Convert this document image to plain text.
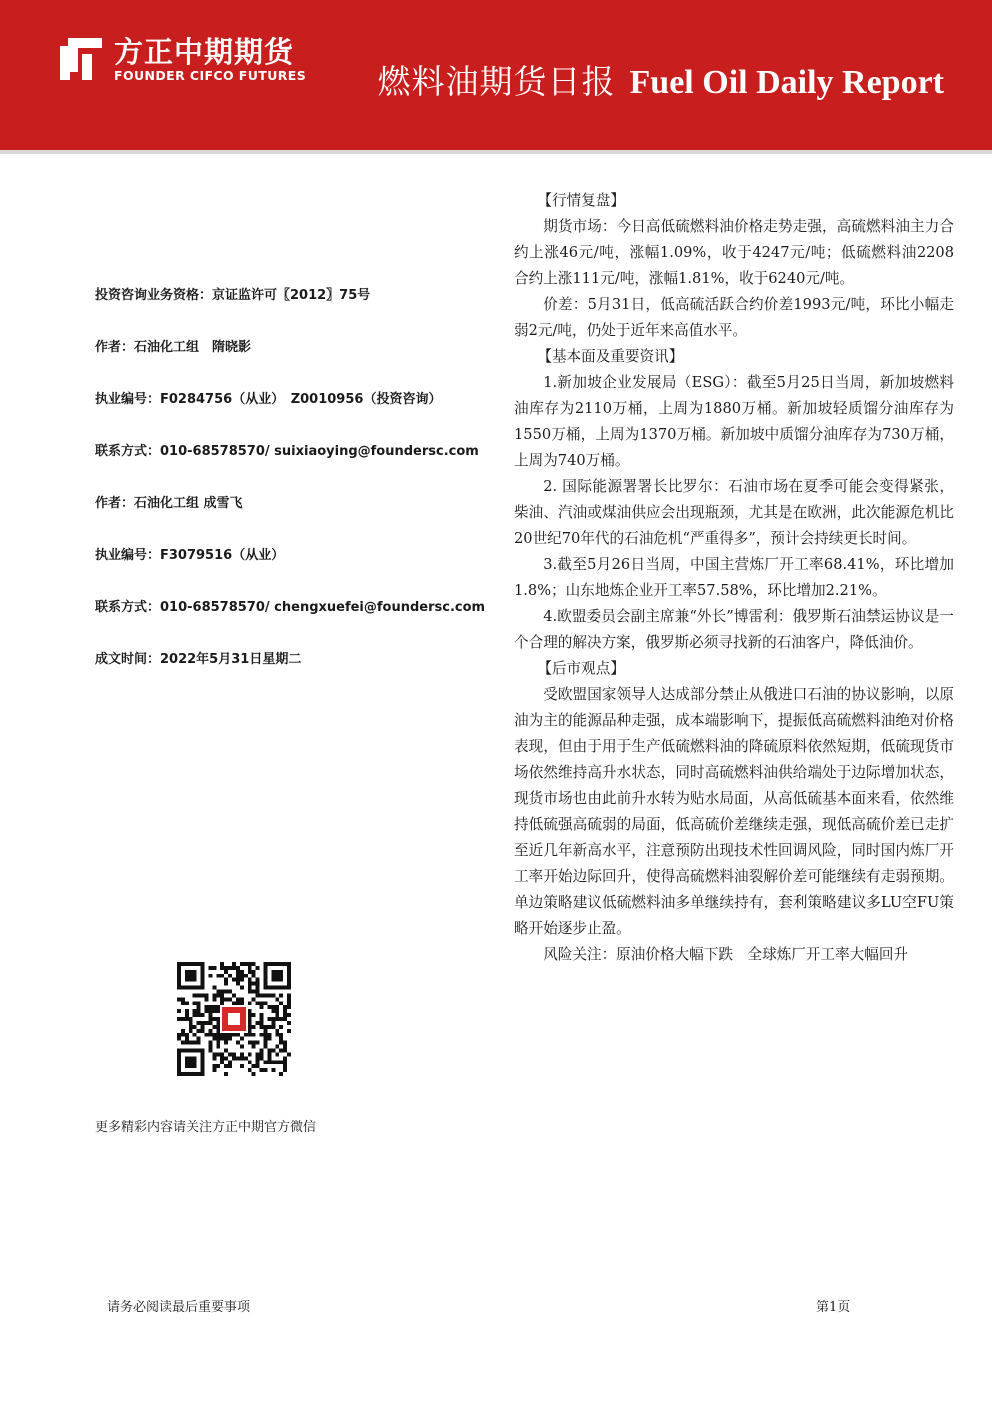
方正中期期货
FOUNDER CIFCO FUTURES 燃料油期货日报 Fuel Oil Daily Report
投资咨询业务资格：京证监许可〖2012〗75号
作者：石油化工组　隋晓影
执业编号：F0284756（从业）　Z0010956（投资咨询）
联系方式：010-68578570/ suixiaoying@foundersc.com
作者：石油化工组 成雪飞
执业编号：F3079516（从业）
联系方式：010-68578570/ chengxuefei@foundersc.com
成文时间：2022年5月31日星期二
更多精彩内容请关注方正中期官方微信
【行情复盘】

期货市场：今日高低硫燃料油价格走势走强，高硫燃料油主力合约上涨46元/吨，涨幅1.09%，收于4247元/吨；低硫燃料油2208合约上涨111元/吨，涨幅1.81%，收于6240元/吨。

价差：5月31日，低高硫活跃合约价差1993元/吨，环比小幅走弱2元/吨，仍处于近年来高值水平。

【基本面及重要资讯】

1.新加坡企业发展局（ESG）：截至5月25日当周，新加坡燃料油库存为2110万桶，上周为1880万桶。新加坡轻质馏分油库存为1550万桶，上周为1370万桶。新加坡中质馏分油库存为730万桶，上周为740万桶。

2. 国际能源署署长比罗尔：石油市场在夏季可能会变得紧张，柴油、汽油或煤油供应会出现瓶颈，尤其是在欧洲，此次能源危机比20世纪70年代的石油危机“严重得多”，预计会持续更长时间。

3.截至5月26日当周，中国主营炼厂开工率68.41%，环比增加1.8%；山东地炼企业开工率57.58%，环比增加2.21%。

4.欧盟委员会副主席兼“外长”博雷利：俄罗斯石油禁运协议是一个合理的解决方案，俄罗斯必须寻找新的石油客户，降低油价。

【后市观点】

受欧盟国家领导人达成部分禁止从俄进口石油的协议影响，以原油为主的能源品种走强，成本端影响下，提振低高硫燃料油绝对价格表现，但由于用于生产低硫燃料油的降硫原料依然短期，低硫现货市场依然维持高升水状态，同时高硫燃料油供给端处于边际增加状态，现货市场也由此前升水转为贴水局面，从高低硫基本面来看，依然维持低硫强高硫弱的局面，低高硫价差继续走强，现低高硫价差已走扩至近几年新高水平，注意预防出现技术性回调风险，同时国内炼厂开工率开始边际回升，使得高硫燃料油裂解价差可能继续有走弱预期。单边策略建议低硫燃料油多单继续持有，套利策略建议多LU空FU策略开始逐步止盈。

风险关注：原油价格大幅下跌　全球炼厂开工率大幅回升

请务必阅读最后重要事项	第1页
